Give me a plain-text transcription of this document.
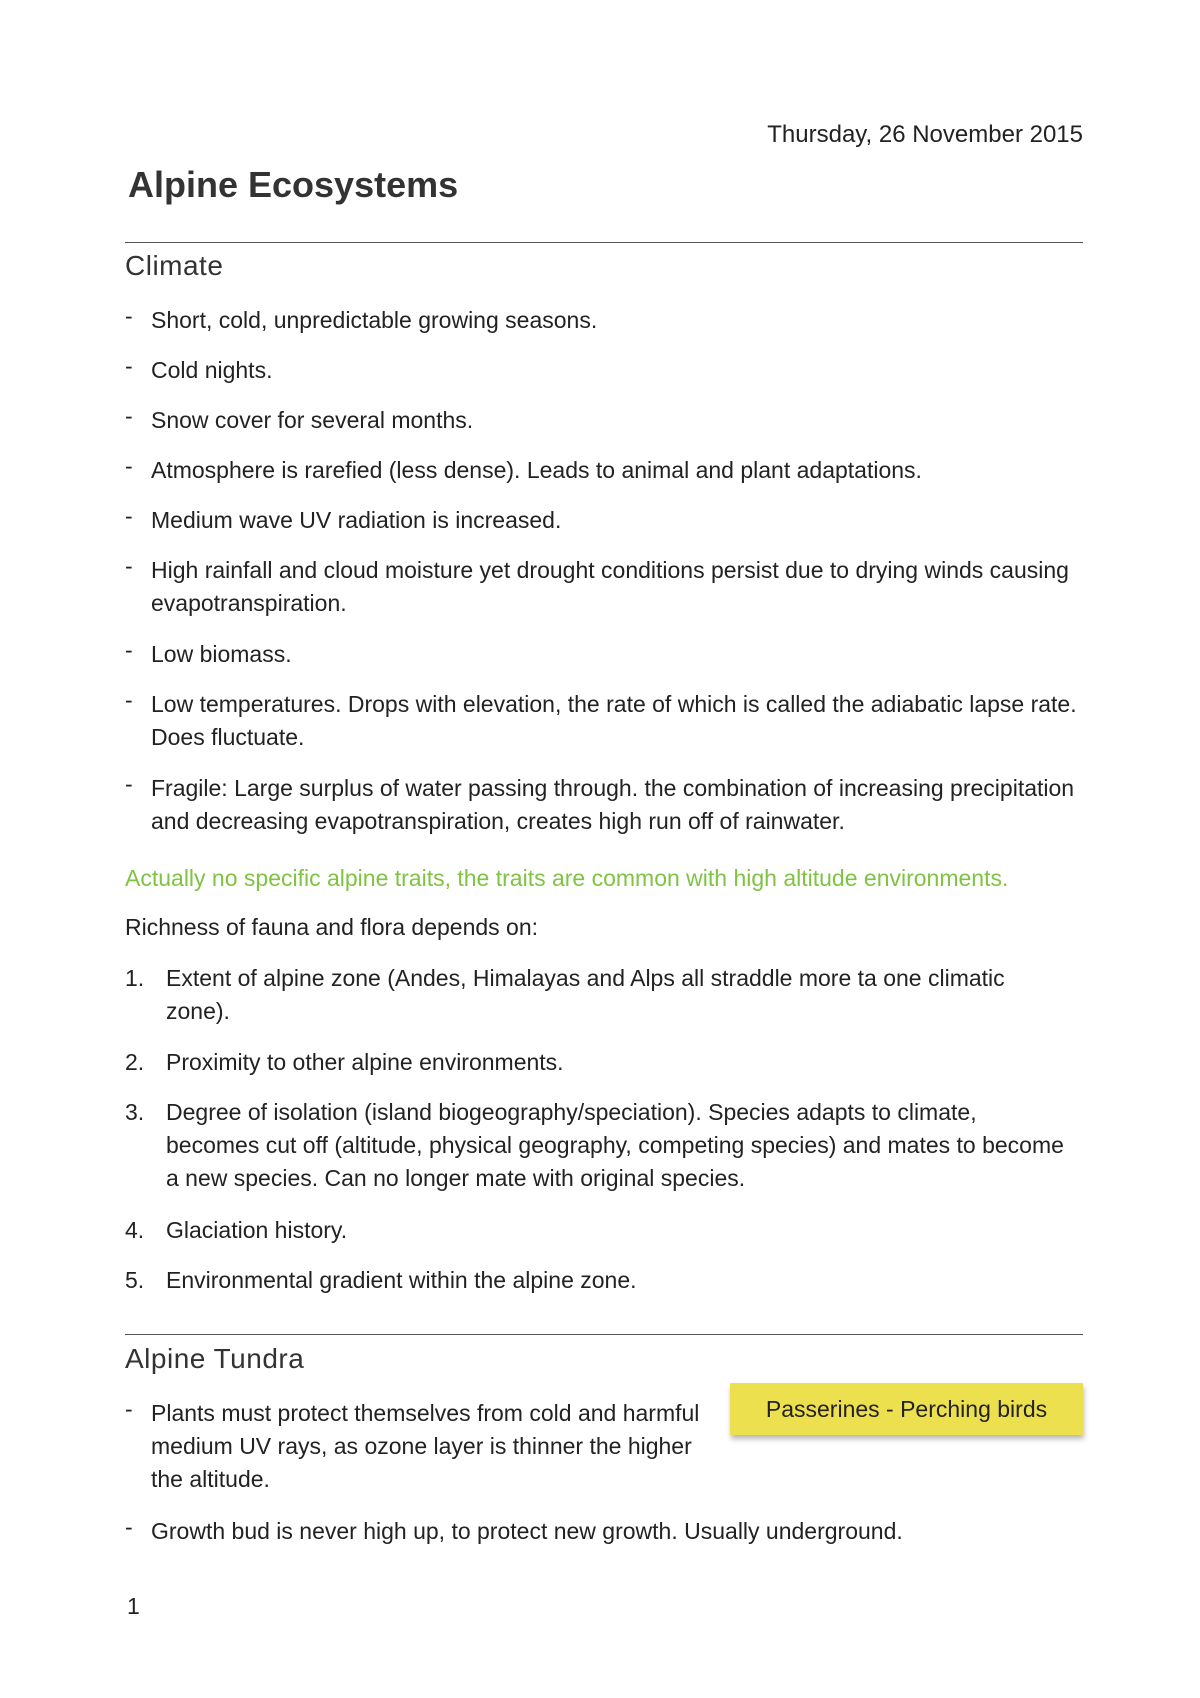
Thursday, 26 November 2015
Alpine Ecosystems
Climate
- Short, cold, unpredictable growing seasons.
- Cold nights.
- Snow cover for several months.
- Atmosphere is rarefied (less dense). Leads to animal and plant adaptations.
- Medium wave UV radiation is increased.
- High rainfall and cloud moisture yet drought conditions persist due to drying winds causing evapotranspiration.
- Low biomass.
- Low temperatures. Drops with elevation, the rate of which is called the adiabatic lapse rate. Does fluctuate.
- Fragile: Large surplus of water passing through. the combination of increasing precipitation and decreasing evapotranspiration, creates high run off of rainwater.

Actually no specific alpine traits, the traits are common with high altitude environments.

Richness of fauna and flora depends on:

1. Extent of alpine zone (Andes, Himalayas and Alps all straddle more ta one climatic zone).
2. Proximity to other alpine environments.
3. Degree of isolation (island biogeography/speciation). Species adapts to climate, becomes cut off (altitude, physical geography, competing species) and mates to become a new species. Can no longer mate with original species.
4. Glaciation history.
5. Environmental gradient within the alpine zone.
Alpine Tundra
- Plants must protect themselves from cold and harmful medium UV rays, as ozone layer is thinner the higher the altitude.
- Growth bud is never high up, to protect new growth. Usually underground.
Passerines - Perching birds
1
